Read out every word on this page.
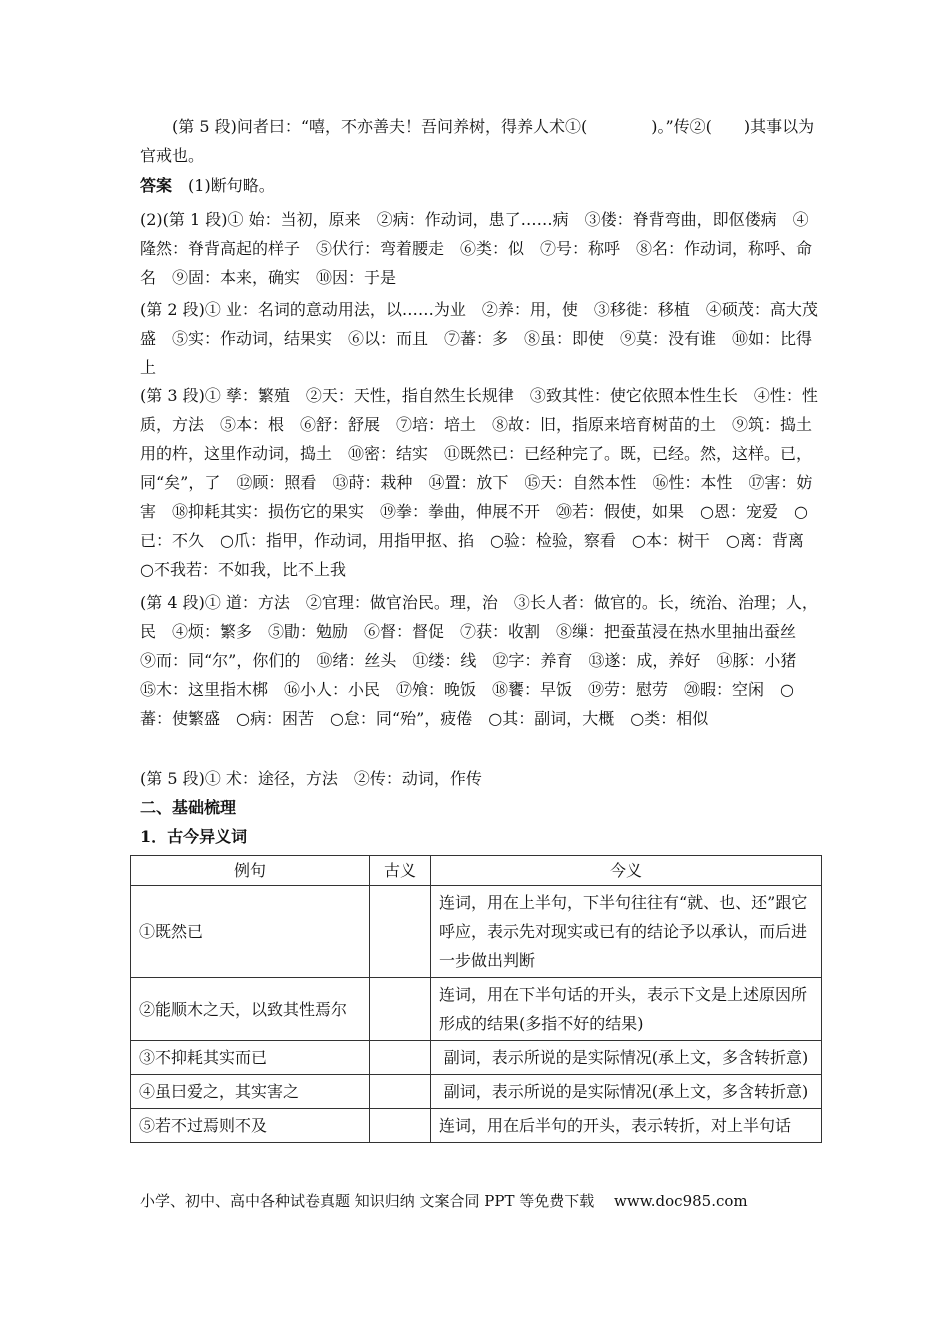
(第 5 段)问者曰：“嘻，不亦善夫！吾问养树，得养人术①(　　　　)。”传②(　　)其事以为官戒也。

答案　 (1)断句略。

(2)(第 1 段)① 始：当初，原来　②病：作动词，患了……病　③偻：脊背弯曲，即伛偻病　④隆然：脊背高起的样子　⑤伏行：弯着腰走　⑥类：似　⑦号：称呼　⑧名：作动词，称呼、命名　⑨固：本来，确实　⑩因：于是

(第 2 段)① 业：名词的意动用法，以……为业　②养：用，使　③移徙：移植　④硕茂：高大茂盛　⑤实：作动词，结果实　⑥以：而且　⑦蕃：多　⑧虽：即使　⑨莫：没有谁　⑩如：比得上

(第 3 段)① 孳：繁殖　②天：天性，指自然生长规律　③致其性：使它依照本性生长　④性：性质，方法　⑤本：根　⑥舒：舒展　⑦培：培土　⑧故：旧，指原来培育树苗的土　⑨筑：捣土用的杵，这里作动词，捣土　⑩密：结实　⑪既然已：已经种完了。既，已经。然，这样。已，同“矣”，了　⑫顾：照看　⑬莳：栽种　⑭置：放下　⑮天：自然本性　⑯性：本性　⑰害：妨害　⑱抑耗其实：损伤它的果实　⑲拳：拳曲，伸展不开　⑳若：假使，如果　○恩：宠爱　○已：不久　○爪：指甲，作动词，用指甲抠、掐　○验：检验，察看　○本：树干　○离：背离　○不我若：不如我，比不上我

(第 4 段)① 道：方法　②官理：做官治民。理，治　③长人者：做官的。长，统治、治理；人，民　④烦：繁多　⑤勖：勉励　⑥督：督促　⑦获：收割　⑧缫：把蚕茧浸在热水里抽出蚕丝　⑨而：同“尔”，你们的　⑩绪：丝头　⑪缕：线　⑫字：养育　⑬遂：成，养好　⑭豚：小猪　⑮木：这里指木梆　⑯小人：小民　⑰飧：晚饭　⑱饔：早饭　⑲劳：慰劳　⑳暇：空闲　○蕃：使繁盛　○病：困苦　○怠：同“殆”，疲倦　○其：副词，大概　○类：相似

(第 5 段)① 术：途径，方法　②传：动词，作传

二、基础梳理
1．古今异义词
例句	古义	今义
①既然已		连词，用在上半句，下半句往往有“就、也、还”跟它呼应，表示先对现实或已有的结论予以承认，而后进一步做出判断
②能顺木之天，以致其性焉尔		连词，用在下半句话的开头，表示下文是上述原因所形成的结果(多指不好的结果)
③不抑耗其实而已		副词，表示所说的是实际情况(承上文，多含转折意)
④虽曰爱之，其实害之		副词，表示所说的是实际情况(承上文，多含转折意)
⑤若不过焉则不及		连词，用在后半句的开头，表示转折，对上半句话
小学、初中、高中各种试卷真题 知识归纳 文案合同 PPT 等免费下载　 www.doc985.com
